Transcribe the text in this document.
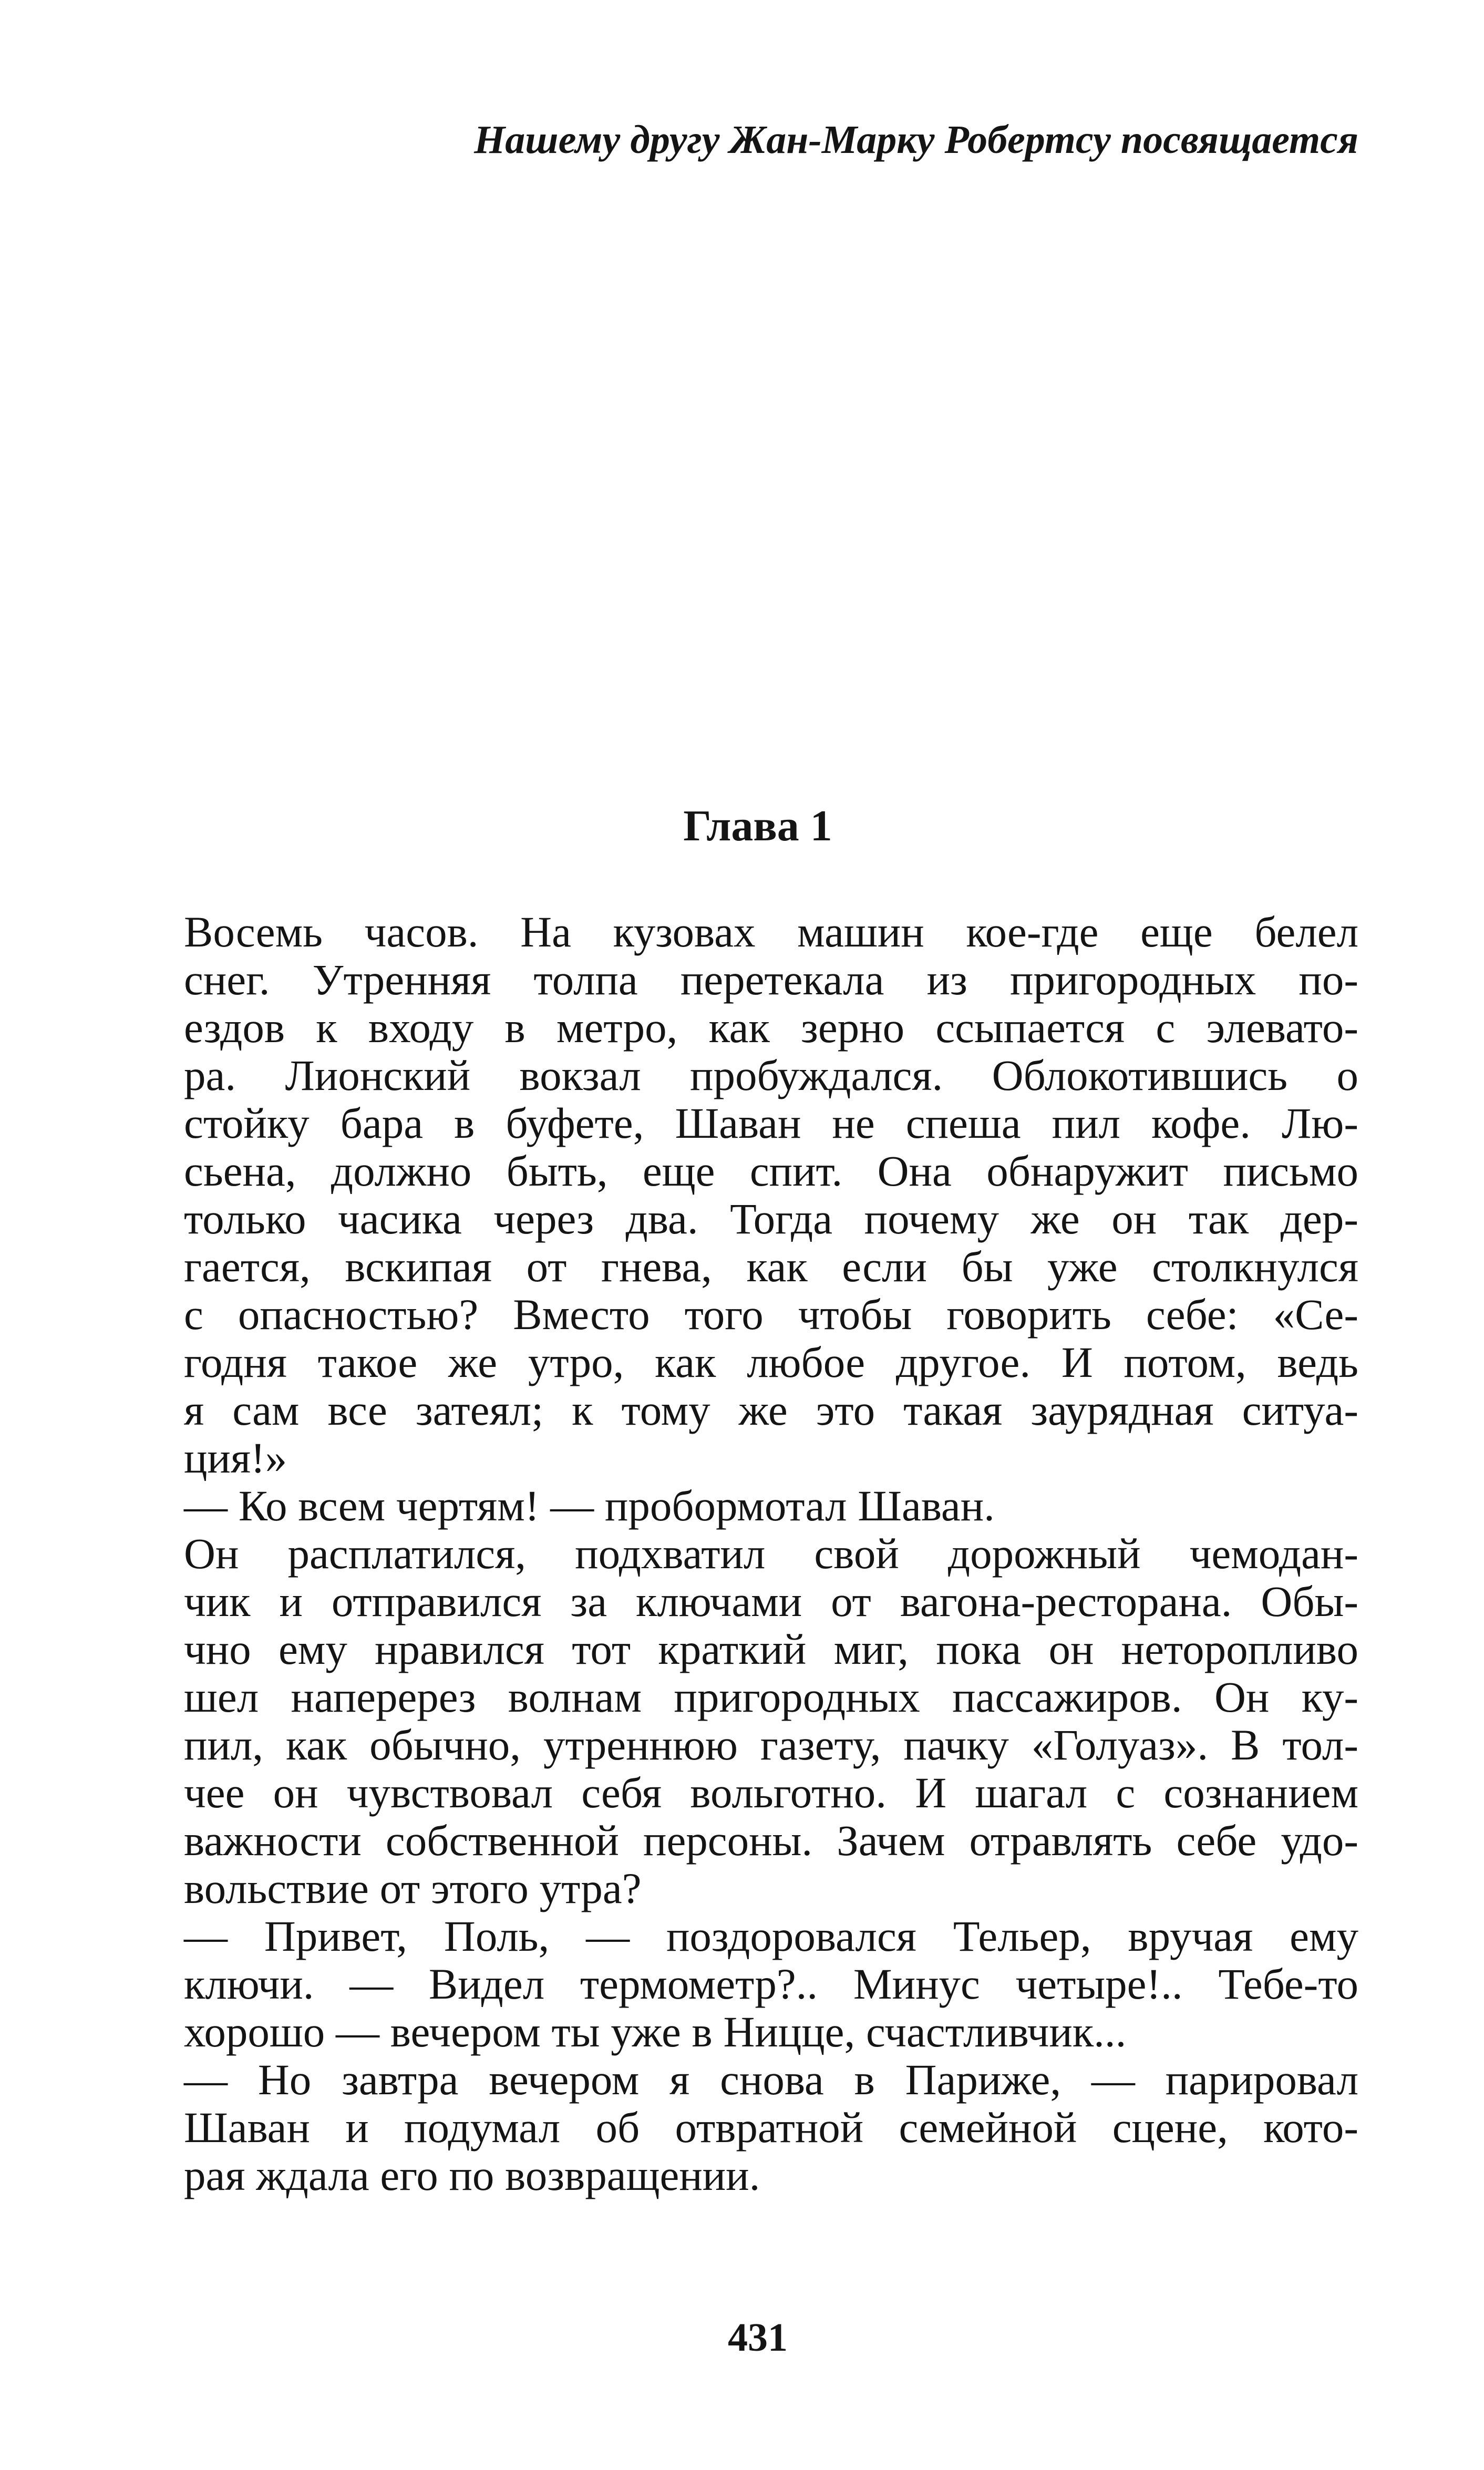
Нашему другу Жан-Марку Робертсу посвящается
Глава 1
Восемь часов. На кузовах машин кое-где еще белел
снег. Утренняя толпа перетекала из пригородных по-
ездов к входу в метро, как зерно ссыпается с элевато-
ра. Лионский вокзал пробуждался. Облокотившись о
стойку бара в буфете, Шаван не спеша пил кофе. Лю-
сьена, должно быть, еще спит. Она обнаружит письмо
только часика через два. Тогда почему же он так дер-
гается, вскипая от гнева, как если бы уже столкнулся
с опасностью? Вместо того чтобы говорить себе: «Се-
годня такое же утро, как любое другое. И потом, ведь
я сам все затеял; к тому же это такая заурядная ситуа-
ция!»
— Ко всем чертям! — пробормотал Шаван.
Он расплатился, подхватил свой дорожный чемодан-
чик и отправился за ключами от вагона-ресторана. Обы-
чно ему нравился тот краткий миг, пока он неторопливо
шел наперерез волнам пригородных пассажиров. Он ку-
пил, как обычно, утреннюю газету, пачку «Голуаз». В тол-
чее он чувствовал себя вольготно. И шагал с сознанием
важности собственной персоны. Зачем отравлять себе удо-
вольствие от этого утра?
— Привет, Поль, — поздоровался Тельер, вручая ему
ключи. — Видел термометр?.. Минус четыре!.. Тебе-то
хорошо — вечером ты уже в Ницце, счастливчик...
— Но завтра вечером я снова в Париже, — парировал
Шаван и подумал об отвратной семейной сцене, кото-
рая ждала его по возвращении.
431
